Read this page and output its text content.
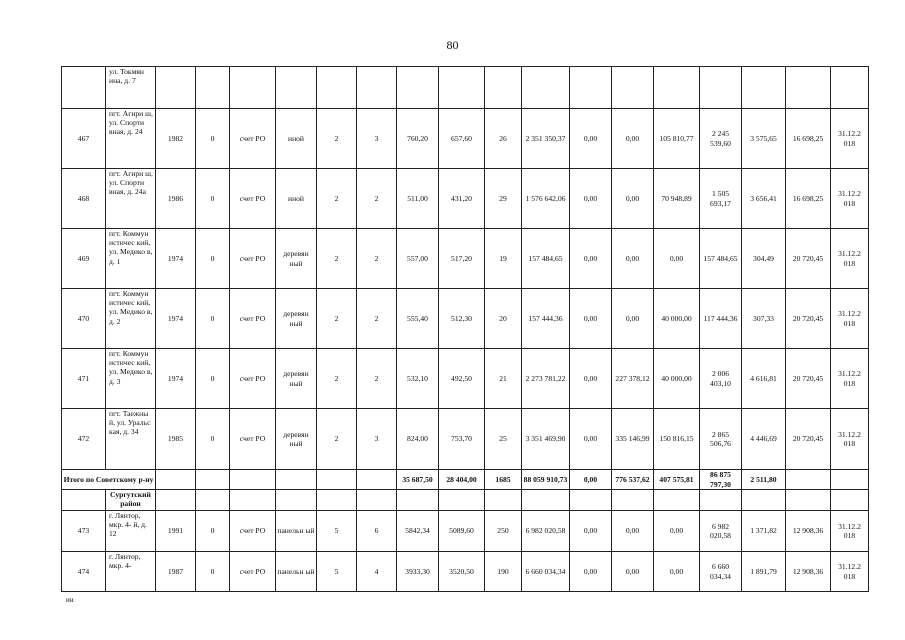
80
	ул. Токмян ина, д. 7																	
467	пгт. Агири ш, ул. Спорти вная, д. 24	1982	0	счет РО	иной	2	3	760,20	657,60	26	2 351 350,37	0,00	0,00	105 810,77	2 245 539,60	3 575,65	16 698,25	31.12.2 018
468	пгт. Агири ш, ул. Спорти вная, д. 24а	1986	0	счет РО	иной	2	2	511,00	431,20	29	1 576 642,06	0,00	0,00	70 948,89	1 505 693,17	3 656,41	16 698,25	31.12.2 018
469	пгт. Коммун истичес кий, ул. Медико в, д. 1	1974	0	счет РО	деревян ный	2	2	557,00	517,20	19	157 484,65	0,00	0,00	0,00	157 484,65	304,49	20 720,45	31.12.2 018
470	пгт. Коммун истичес кий, ул. Медико в, д. 2	1974	0	счет РО	деревян ный	2	2	555,40	512,30	20	157 444,36	0,00	0,00	40 000,00	117 444,36	307,33	20 720,45	31.12.2 018
471	пгт. Коммун истичес кий, ул. Медико в, д. 3	1974	0	счет РО	деревян ный	2	2	532,10	492,50	21	2 273 781,22	0,00	227 378,12	40 000,00	2 006 403,10	4 616,81	20 720,45	31.12.2 018
472	пгт. Таежны й, ул. Уральс кая, д. 34	1985	0	счет РО	деревян ный	2	3	824,00	753,70	25	3 351 469,90	0,00	335 146,99	150 816,15	2 865 506,76	4 446,69	20 720,45	31.12.2 018
Итого по Советскому р-ну								35 687,50	28 404,00	1685	88 059 910,73	0,00	776 537,62	407 575,81	86 875 797,30	2 511,80		
	Сургутский район																	
473	г. Лянтор, мкр. 4- й, д. 12	1991	0	счет РО	панельн ый	5	6	5842,34	5089,60	250	6 982 020,58	0,00	0,00	0,00	6 982 020,58	1 371,82	12 908,36	31.12.2 018
474	г. Лянтор, мкр. 4-	1987	0	счет РО	панельн ый	5	4	3933,30	3520,50	190	6 660 034,34	0,00	0,00	0,00	6 660 034,34	1 891,79	12 908,36	31.12.2 018
ии
